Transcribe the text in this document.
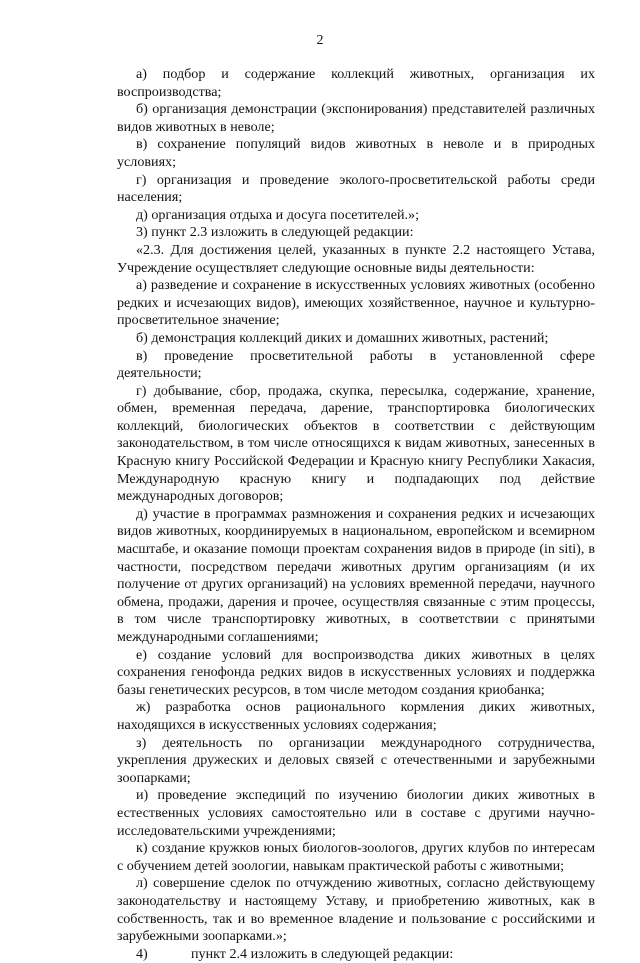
2

а) подбор и содержание коллекций животных, организация их воспроизводства;

б) организация демонстрации (экспонирования) представителей различных видов животных в неволе;

в) сохранение популяций видов животных в неволе и в природных условиях;

г) организация и проведение эколого-просветительской работы среди населения;

д) организация отдыха и досуга посетителей.»;

3) пункт 2.3 изложить в следующей редакции:

«2.3. Для достижения целей, указанных в пункте 2.2 настоящего Устава, Учреждение осуществляет следующие основные виды деятельности:

а) разведение и сохранение в искусственных условиях животных (особенно редких и исчезающих видов), имеющих хозяйственное, научное и культурно-просветительное значение;

б) демонстрация коллекций диких и домашних животных, растений;

в) проведение просветительной работы в установленной сфере деятельности;

г) добывание, сбор, продажа, скупка, пересылка, содержание, хранение, обмен, временная передача, дарение, транспортировка биологических коллекций, биологических объектов в соответствии с действующим законодательством, в том числе относящихся к видам животных, занесенных в Красную книгу Российской Федерации и Красную книгу Республики Хакасия, Международную красную книгу и подпадающих под действие международных договоров;

д) участие в программах размножения и сохранения редких и исчезающих видов животных, координируемых в национальном, европейском и всемирном масштабе, и оказание помощи проектам сохранения видов в природе (in siti), в частности, посредством передачи животных другим организациям (и их получение от других организаций) на условиях временной передачи, научного обмена, продажи, дарения и прочее, осуществляя связанные с этим процессы, в том числе транспортировку животных, в соответствии с принятыми международными соглашениями;

е) создание условий для воспроизводства диких животных в целях сохранения генофонда редких видов в искусственных условиях и поддержка базы генетических ресурсов, в том числе методом создания криобанка;

ж) разработка основ рационального кормления диких животных, находящихся в искусственных условиях содержания;

з) деятельность по организации международного сотрудничества, укрепления дружеских и деловых связей с отечественными и зарубежными зоопарками;

и) проведение экспедиций по изучению биологии диких животных в естественных условиях самостоятельно или в составе с другими научно-исследовательскими учреждениями;

к) создание кружков юных биологов-зоологов, других клубов по интересам с обучением детей зоологии, навыкам практической работы с животными;

л) совершение сделок по отчуждению животных, согласно действующему законодательству и настоящему Уставу, и приобретению животных, как в собственность, так и во временное владение и пользование с российскими и зарубежными зоопарками.»;

4)	пункт 2.4 изложить в следующей редакции:
